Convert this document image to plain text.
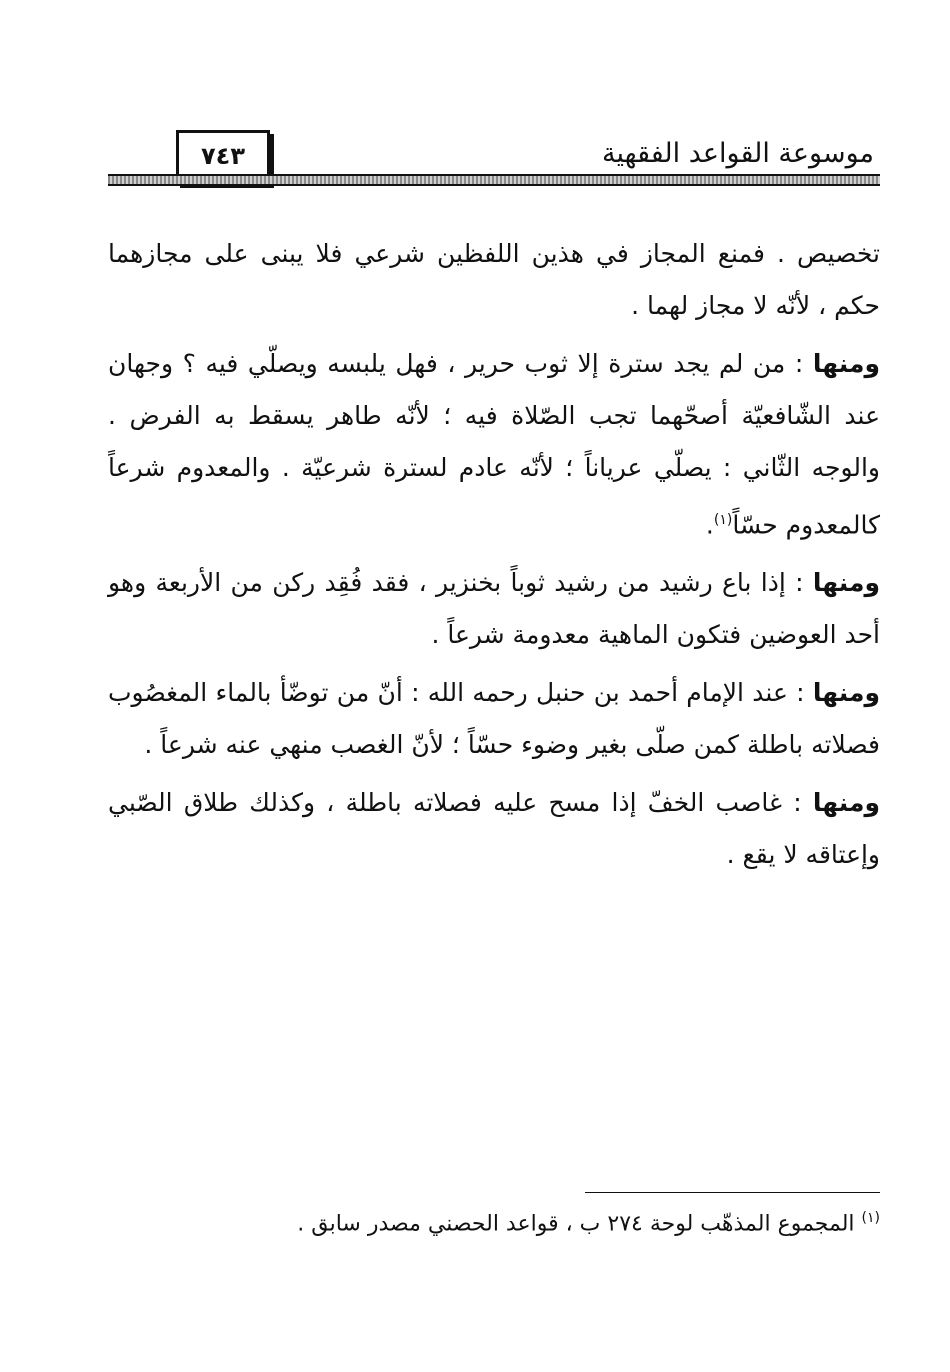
٧٤٣	موسوعة القواعد الفقهية

تخصيص . فمنع المجاز في هذين اللفظين شرعي فلا يبنى على مجازهما حكم ، لأنّه لا مجاز لهما .

ومنها : من لم يجد سترة إلا ثوب حرير ، فهل يلبسه ويصلّي فيه ؟ وجهان عند الشّافعيّة أصحّهما تجب الصّلاة فيه ؛ لأنّه طاهر يسقط به الفرض . والوجه الثّاني : يصلّي عرياناً ؛ لأنّه عادم لسترة شرعيّة . والمعدوم شرعاً كالمعدوم حسّاً$^{(١)}$.

ومنها : إذا باع رشيد من رشيد ثوباً بخنزير ، فقد فُقِد ركن من الأربعة وهو أحد العوضين فتكون الماهية معدومة شرعاً .

ومنها : عند الإمام أحمد بن حنبل رحمه الله : أنّ من توضّأ بالماء المغصُوب فصلاته باطلة كمن صلّى بغير وضوء حسّاً ؛ لأنّ الغصب منهي عنه شرعاً .

ومنها : غاصب الخفّ إذا مسح عليه فصلاته باطلة ، وكذلك طلاق الصّبي وإعتاقه لا يقع .

$^{(١)}$ المجموع المذهّب لوحة ٢٧٤ ب ، قواعد الحصني مصدر سابق .
